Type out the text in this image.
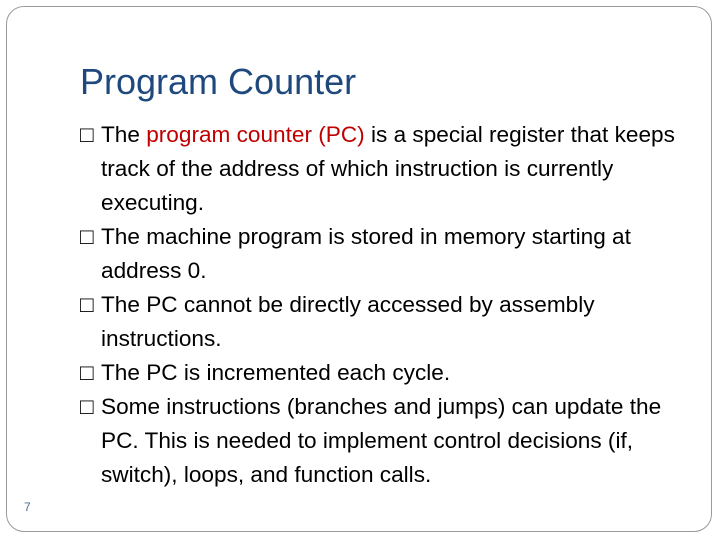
Program Counter
□ The program counter (PC) is a special register that keeps track of the address of which instruction is currently executing.
□ The machine program is stored in memory starting at address 0.
□ The PC cannot be directly accessed by assembly instructions.
□ The PC is incremented each cycle.
□ Some instructions (branches and jumps) can update the PC. This is needed to implement control decisions (if, switch), loops, and function calls.
7
